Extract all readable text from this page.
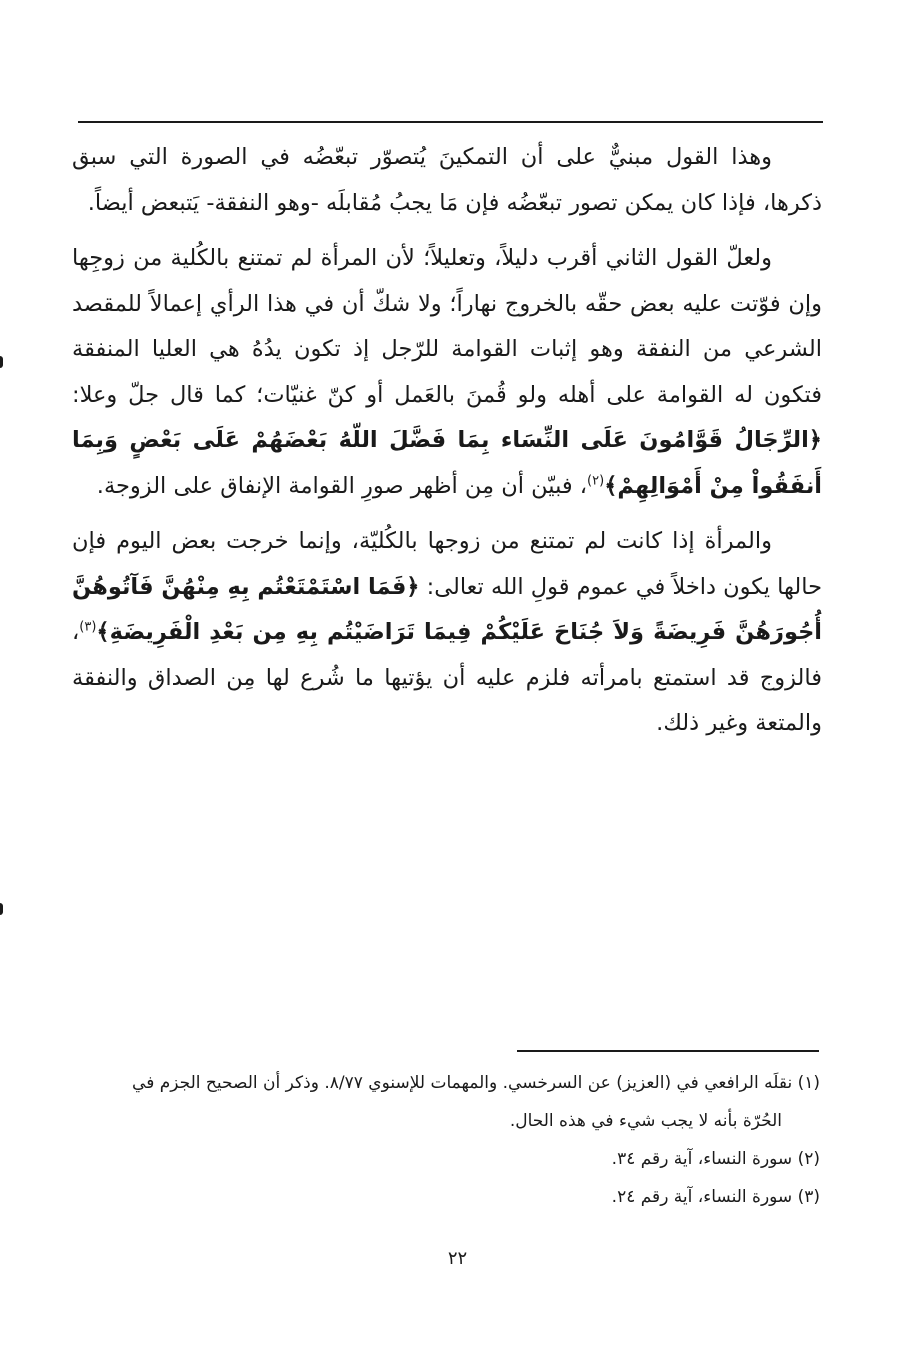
وهذا القول مبنيٌّ على أن التمكينَ يُتصوّر تبعّضُه في الصورة التي سبق ذكرها، فإذا كان يمكن تصور تبعّضُه فإن مَا يجبُ مُقابلَه -وهو النفقة- يَتبعض أيضاً.

ولعلّ القول الثاني أقرب دليلاً، وتعليلاً؛ لأن المرأة لم تمتنع بالكُلية من زوجِها وإن فوّتت عليه بعض حقّه بالخروج نهاراً؛ ولا شكّ أن في هذا الرأي إعمالاً للمقصد الشرعي من النفقة وهو إثبات القوامة للرّجل إذ تكون يدُهُ هي العليا المنفقة فتكون له القوامة على أهله ولو قُمنَ بالعَمل أو كنّ غنيّات؛ كما قال جلّ وعلا: ﴿الرِّجَالُ قَوَّامُونَ عَلَى النِّسَاء بِمَا فَضَّلَ اللّهُ بَعْضَهُمْ عَلَى بَعْضٍ وَبِمَا أَنفَقُواْ مِنْ أَمْوَالِهِمْ﴾$^{(٢)}$، فبيّن أن مِن أظهر صورِ القوامة الإنفاق على الزوجة.

والمرأة إذا كانت لم تمتنع من زوجها بالكُليّة، وإنما خرجت بعض اليوم فإن حالها يكون داخلاً في عموم قولِ الله تعالى: ﴿فَمَا اسْتَمْتَعْتُم بِهِ مِنْهُنَّ فَآتُوهُنَّ أُجُورَهُنَّ فَرِيضَةً وَلاَ جُنَاحَ عَلَيْكُمْ فِيمَا تَرَاضَيْتُم بِهِ مِن بَعْدِ الْفَرِيضَةِ﴾$^{(٣)}$، فالزوج قد استمتع بامرأته فلزم عليه أن يؤتيها ما شُرع لها مِن الصداق والنفقة والمتعة وغير ذلك.

(١) نقلَه الرافعي في (العزيز) عن السرخسي. والمهمات للإسنوي ٨/٧٧. وذكر أن الصحيح الجزم في

الحُرّة بأنه لا يجب شيء في هذه الحال.

(٢) سورة النساء، آية رقم ٣٤.

(٣) سورة النساء، آية رقم ٢٤.

٢٢
